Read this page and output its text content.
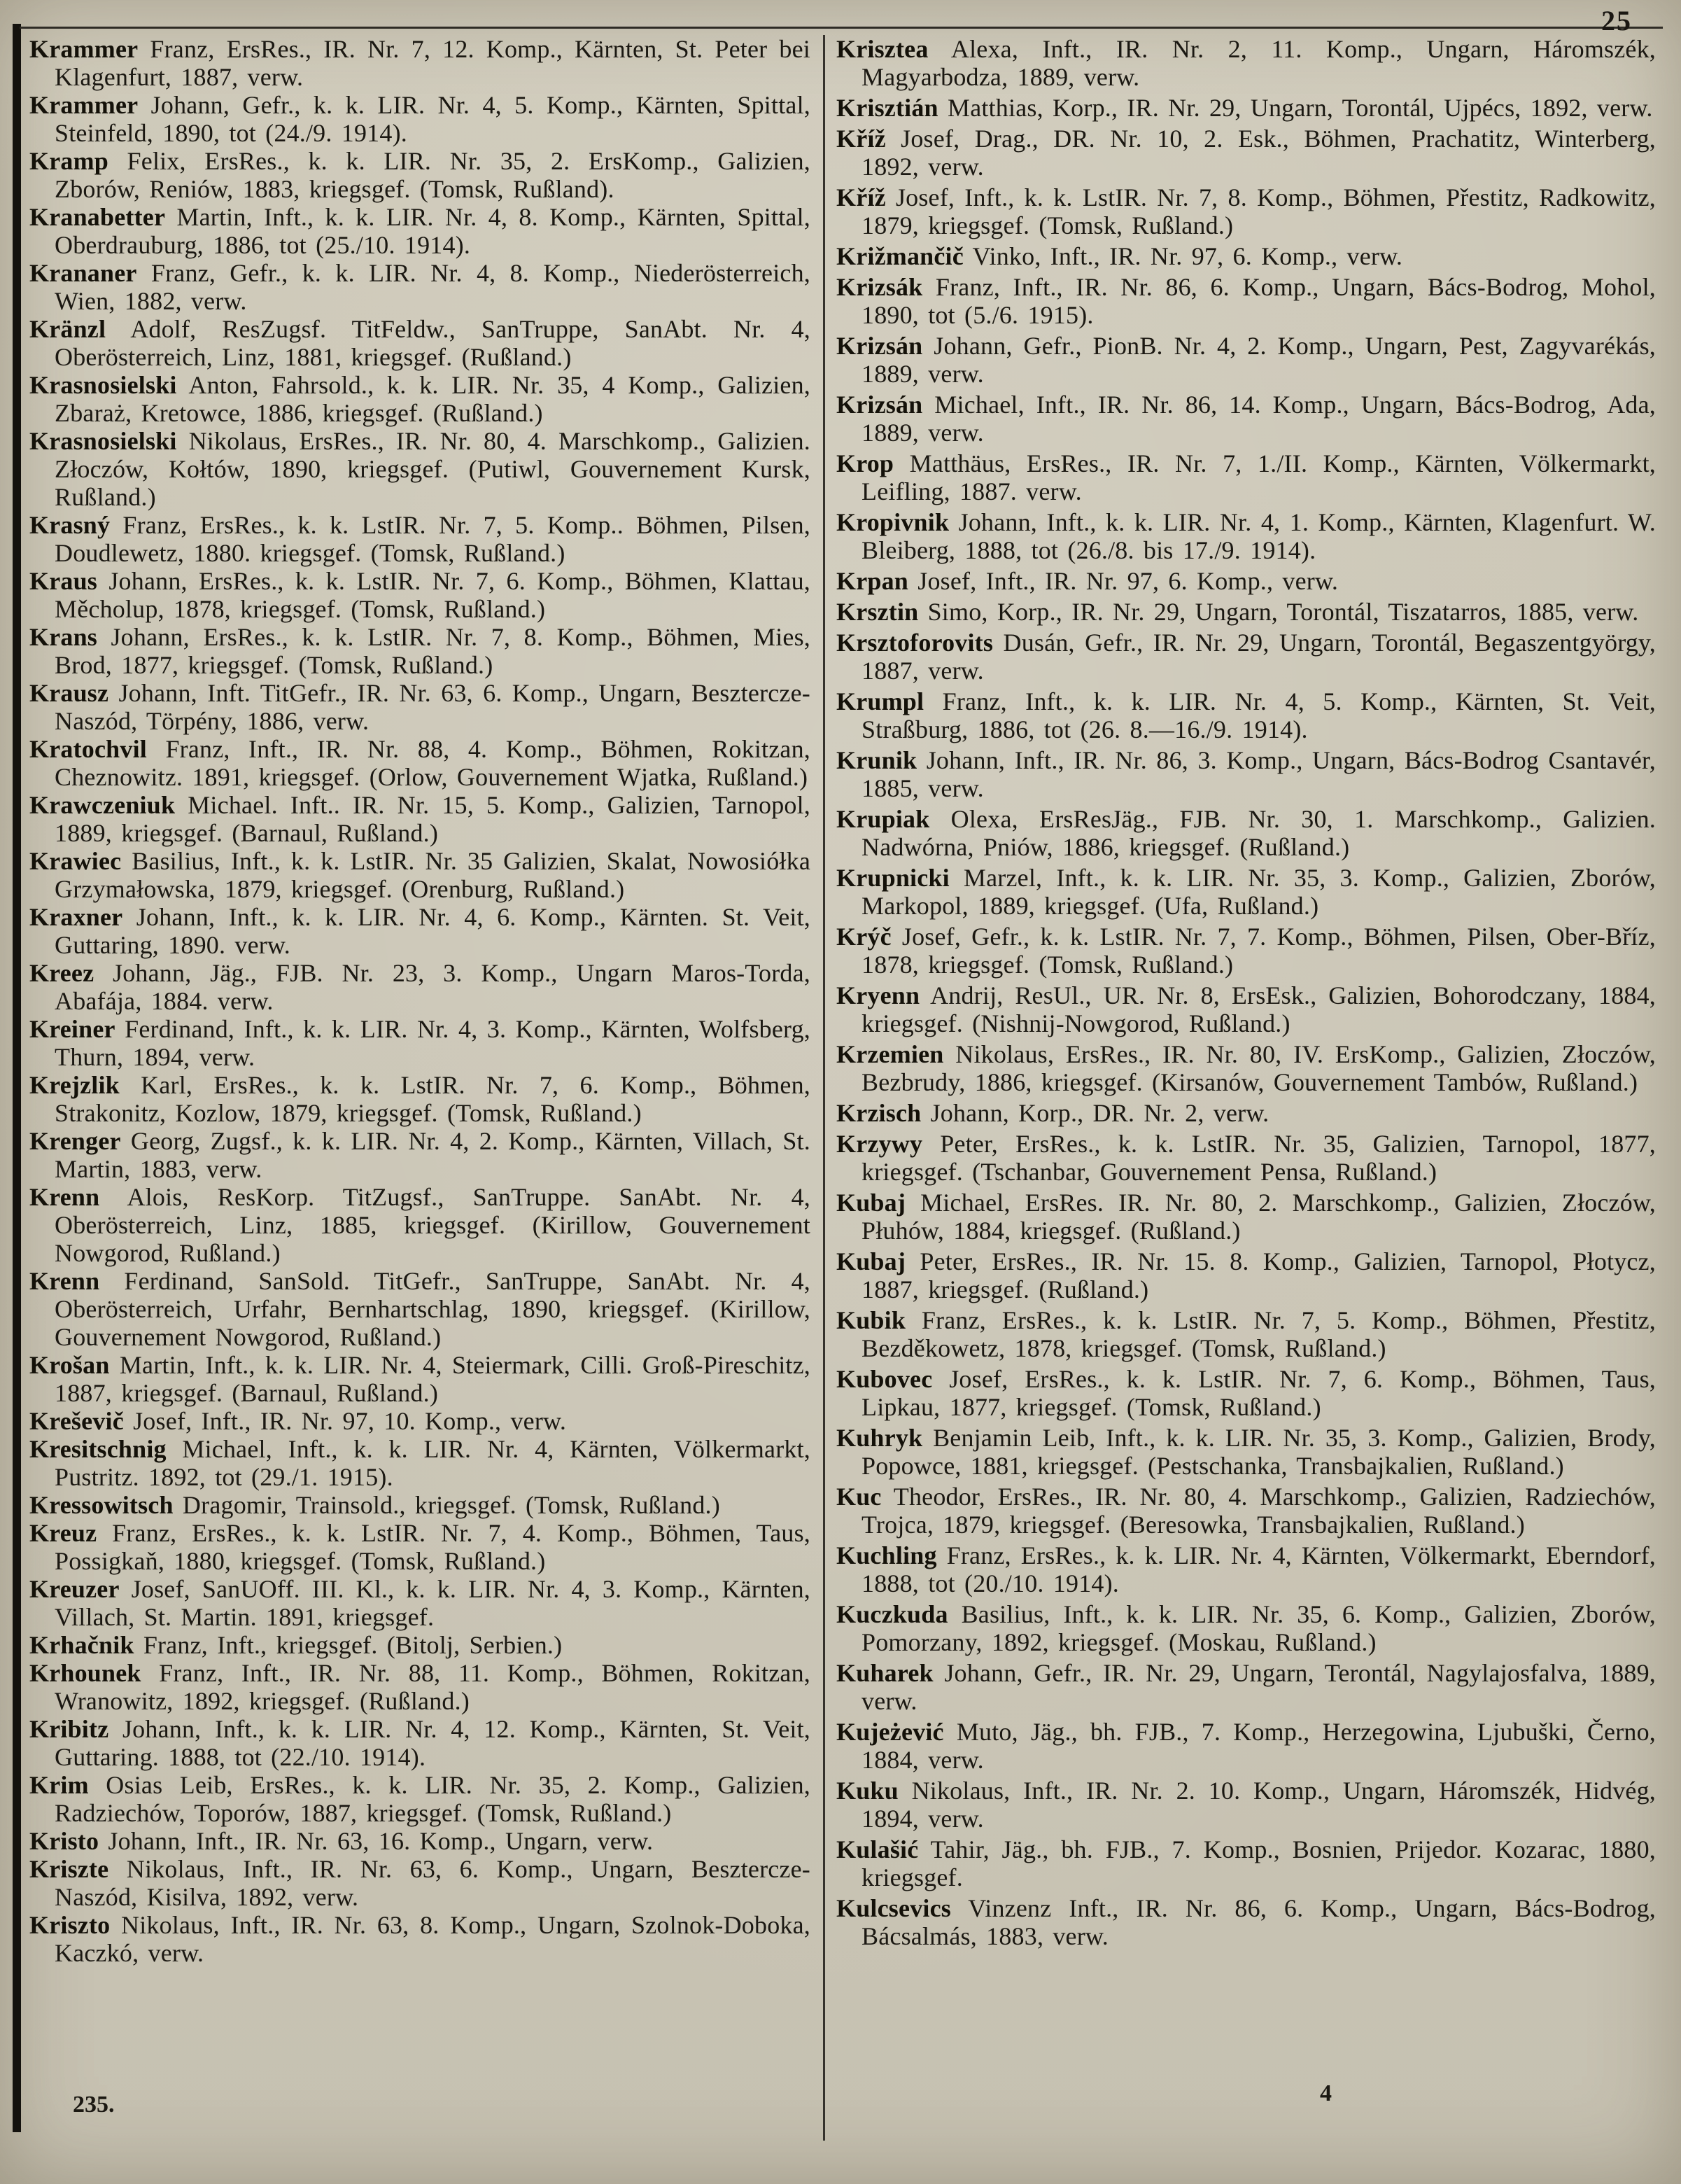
25

Krammer Franz, ErsRes., IR. Nr. 7, 12. Komp., Kärnten, St. Peter bei Klagenfurt, 1887, verw.

Krammer Johann, Gefr., k. k. LIR. Nr. 4, 5. Komp., Kärnten, Spittal, Steinfeld, 1890, tot (24./9. 1914).

Kramp Felix, ErsRes., k. k. LIR. Nr. 35, 2. ErsKomp., Galizien, Zborów, Reniów, 1883, kriegsgef. (Tomsk, Rußland).

Kranabetter Martin, Inft., k. k. LIR. Nr. 4, 8. Komp., Kärnten, Spittal, Oberdrauburg, 1886, tot (25./10. 1914).

Krananer Franz, Gefr., k. k. LIR. Nr. 4, 8. Komp., Niederösterreich, Wien, 1882, verw.

Kränzl Adolf, ResZugsf. TitFeldw., SanTruppe, SanAbt. Nr. 4, Oberösterreich, Linz, 1881, kriegsgef. (Rußland.)

Krasnosielski Anton, Fahrsold., k. k. LIR. Nr. 35, 4 Komp., Galizien, Zbaraż, Kretowce, 1886, kriegsgef. (Rußland.)

Krasnosielski Nikolaus, ErsRes., IR. Nr. 80, 4. Marschkomp., Galizien. Złoczów, Kołtów, 1890, kriegsgef. (Putiwl, Gouvernement Kursk, Rußland.)

Krasný Franz, ErsRes., k. k. LstIR. Nr. 7, 5. Komp.. Böhmen, Pilsen, Doudlewetz, 1880. kriegsgef. (Tomsk, Rußland.)

Kraus Johann, ErsRes., k. k. LstIR. Nr. 7, 6. Komp., Böhmen, Klattau, Měcholup, 1878, kriegsgef. (Tomsk, Rußland.)

Krans Johann, ErsRes., k. k. LstIR. Nr. 7, 8. Komp., Böhmen, Mies, Brod, 1877, kriegsgef. (Tomsk, Rußland.)

Krausz Johann, Inft. TitGefr., IR. Nr. 63, 6. Komp., Ungarn, Besztercze-Naszód, Törpény, 1886, verw.

Kratochvil Franz, Inft., IR. Nr. 88, 4. Komp., Böhmen, Rokitzan, Cheznowitz. 1891, kriegsgef. (Orlow, Gouvernement Wjatka, Rußland.)

Krawczeniuk Michael. Inft.. IR. Nr. 15, 5. Komp., Galizien, Tarnopol, 1889, kriegsgef. (Barnaul, Rußland.)

Krawiec Basilius, Inft., k. k. LstIR. Nr. 35 Galizien, Skalat, Nowosiółka Grzymałowska, 1879, kriegsgef. (Orenburg, Rußland.)

Kraxner Johann, Inft., k. k. LIR. Nr. 4, 6. Komp., Kärnten. St. Veit, Guttaring, 1890. verw.

Kreez Johann, Jäg., FJB. Nr. 23, 3. Komp., Ungarn Maros-Torda, Abafája, 1884. verw.

Kreiner Ferdinand, Inft., k. k. LIR. Nr. 4, 3. Komp., Kärnten, Wolfsberg, Thurn, 1894, verw.

Krejzlik Karl, ErsRes., k. k. LstIR. Nr. 7, 6. Komp., Böhmen, Strakonitz, Kozlow, 1879, kriegsgef. (Tomsk, Rußland.)

Krenger Georg, Zugsf., k. k. LIR. Nr. 4, 2. Komp., Kärnten, Villach, St. Martin, 1883, verw.

Krenn Alois, ResKorp. TitZugsf., SanTruppe. SanAbt. Nr. 4, Oberösterreich, Linz, 1885, kriegsgef. (Kirillow, Gouvernement Nowgorod, Rußland.)

Krenn Ferdinand, SanSold. TitGefr., SanTruppe, SanAbt. Nr. 4, Oberösterreich, Urfahr, Bernhartschlag, 1890, kriegsgef. (Kirillow, Gouvernement Nowgorod, Rußland.)

Krošan Martin, Inft., k. k. LIR. Nr. 4, Steiermark, Cilli. Groß-Pireschitz, 1887, kriegsgef. (Barnaul, Rußland.)

Kreševič Josef, Inft., IR. Nr. 97, 10. Komp., verw.

Kresitschnig Michael, Inft., k. k. LIR. Nr. 4, Kärnten, Völkermarkt, Pustritz. 1892, tot (29./1. 1915).

Kressowitsch Dragomir, Trainsold., kriegsgef. (Tomsk, Rußland.)

Kreuz Franz, ErsRes., k. k. LstIR. Nr. 7, 4. Komp., Böhmen, Taus, Possigkaň, 1880, kriegsgef. (Tomsk, Rußland.)

Kreuzer Josef, SanUOff. III. Kl., k. k. LIR. Nr. 4, 3. Komp., Kärnten, Villach, St. Martin. 1891, kriegsgef.

Krhačnik Franz, Inft., kriegsgef. (Bitolj, Serbien.)

Krhounek Franz, Inft., IR. Nr. 88, 11. Komp., Böhmen, Rokitzan, Wranowitz, 1892, kriegsgef. (Rußland.)

Kribitz Johann, Inft., k. k. LIR. Nr. 4, 12. Komp., Kärnten, St. Veit, Guttaring. 1888, tot (22./10. 1914).

Krim Osias Leib, ErsRes., k. k. LIR. Nr. 35, 2. Komp., Galizien, Radziechów, Toporów, 1887, kriegsgef. (Tomsk, Rußland.)

Kristo Johann, Inft., IR. Nr. 63, 16. Komp., Ungarn, verw.

Kriszte Nikolaus, Inft., IR. Nr. 63, 6. Komp., Ungarn, Besztercze-Naszód, Kisilva, 1892, verw.

Kriszto Nikolaus, Inft., IR. Nr. 63, 8. Komp., Ungarn, Szolnok-Doboka, Kaczkó, verw.

Krisztea Alexa, Inft., IR. Nr. 2, 11. Komp., Ungarn, Háromszék, Magyarbodza, 1889, verw.

Krisztián Matthias, Korp., IR. Nr. 29, Ungarn, Torontál, Ujpécs, 1892, verw.

Kříž Josef, Drag., DR. Nr. 10, 2. Esk., Böhmen, Prachatitz, Winterberg, 1892, verw.

Kříž Josef, Inft., k. k. LstIR. Nr. 7, 8. Komp., Böhmen, Přestitz, Radkowitz, 1879, kriegsgef. (Tomsk, Rußland.)

Križmančič Vinko, Inft., IR. Nr. 97, 6. Komp., verw.

Krizsák Franz, Inft., IR. Nr. 86, 6. Komp., Ungarn, Bács-Bodrog, Mohol, 1890, tot (5./6. 1915).

Krizsán Johann, Gefr., PionB. Nr. 4, 2. Komp., Ungarn, Pest, Zagyvarékás, 1889, verw.

Krizsán Michael, Inft., IR. Nr. 86, 14. Komp., Ungarn, Bács-Bodrog, Ada, 1889, verw.

Krop Matthäus, ErsRes., IR. Nr. 7, 1./II. Komp., Kärnten, Völkermarkt, Leifling, 1887. verw.

Kropivnik Johann, Inft., k. k. LIR. Nr. 4, 1. Komp., Kärnten, Klagenfurt. W. Bleiberg, 1888, tot (26./8. bis 17./9. 1914).

Krpan Josef, Inft., IR. Nr. 97, 6. Komp., verw.

Krsztin Simo, Korp., IR. Nr. 29, Ungarn, Torontál, Tiszatarros, 1885, verw.

Krsztoforovits Dusán, Gefr., IR. Nr. 29, Ungarn, Torontál, Begaszentgyörgy, 1887, verw.

Krumpl Franz, Inft., k. k. LIR. Nr. 4, 5. Komp., Kärnten, St. Veit, Straßburg, 1886, tot (26. 8.—16./9. 1914).

Krunik Johann, Inft., IR. Nr. 86, 3. Komp., Ungarn, Bács-Bodrog Csantavér, 1885, verw.

Krupiak Olexa, ErsResJäg., FJB. Nr. 30, 1. Marschkomp., Galizien. Nadwórna, Pniów, 1886, kriegsgef. (Rußland.)

Krupnicki Marzel, Inft., k. k. LIR. Nr. 35, 3. Komp., Galizien, Zborów, Markopol, 1889, kriegsgef. (Ufa, Rußland.)

Krýč Josef, Gefr., k. k. LstIR. Nr. 7, 7. Komp., Böhmen, Pilsen, Ober-Bříz, 1878, kriegsgef. (Tomsk, Rußland.)

Kryenn Andrij, ResUl., UR. Nr. 8, ErsEsk., Galizien, Bohorodczany, 1884, kriegsgef. (Nishnij-Nowgorod, Rußland.)

Krzemien Nikolaus, ErsRes., IR. Nr. 80, IV. ErsKomp., Galizien, Złoczów, Bezbrudy, 1886, kriegsgef. (Kirsanów, Gouvernement Tambów, Rußland.)

Krzisch Johann, Korp., DR. Nr. 2, verw.

Krzywy Peter, ErsRes., k. k. LstIR. Nr. 35, Galizien, Tarnopol, 1877, kriegsgef. (Tschanbar, Gouvernement Pensa, Rußland.)

Kubaj Michael, ErsRes. IR. Nr. 80, 2. Marschkomp., Galizien, Złoczów, Płuhów, 1884, kriegsgef. (Rußland.)

Kubaj Peter, ErsRes., IR. Nr. 15. 8. Komp., Galizien, Tarnopol, Płotycz, 1887, kriegsgef. (Rußland.)

Kubik Franz, ErsRes., k. k. LstIR. Nr. 7, 5. Komp., Böhmen, Přestitz, Bezděkowetz, 1878, kriegsgef. (Tomsk, Rußland.)

Kubovec Josef, ErsRes., k. k. LstIR. Nr. 7, 6. Komp., Böhmen, Taus, Lipkau, 1877, kriegsgef. (Tomsk, Rußland.)

Kuhryk Benjamin Leib, Inft., k. k. LIR. Nr. 35, 3. Komp., Galizien, Brody, Popowce, 1881, kriegsgef. (Pestschanka, Transbajkalien, Rußland.)

Kuc Theodor, ErsRes., IR. Nr. 80, 4. Marschkomp., Galizien, Radziechów, Trojca, 1879, kriegsgef. (Beresowka, Transbajkalien, Rußland.)

Kuchling Franz, ErsRes., k. k. LIR. Nr. 4, Kärnten, Völkermarkt, Eberndorf, 1888, tot (20./10. 1914).

Kuczkuda Basilius, Inft., k. k. LIR. Nr. 35, 6. Komp., Galizien, Zborów, Pomorzany, 1892, kriegsgef. (Moskau, Rußland.)

Kuharek Johann, Gefr., IR. Nr. 29, Ungarn, Terontál, Nagylajosfalva, 1889, verw.

Kujeżević Muto, Jäg., bh. FJB., 7. Komp., Herzegowina, Ljubuški, Černo, 1884, verw.

Kuku Nikolaus, Inft., IR. Nr. 2. 10. Komp., Ungarn, Háromszék, Hidvég, 1894, verw.

Kulašić Tahir, Jäg., bh. FJB., 7. Komp., Bosnien, Prijedor. Kozarac, 1880, kriegsgef.

Kulcsevics Vinzenz Inft., IR. Nr. 86, 6. Komp., Ungarn, Bács-Bodrog, Bácsalmás, 1883, verw.

235.	4
